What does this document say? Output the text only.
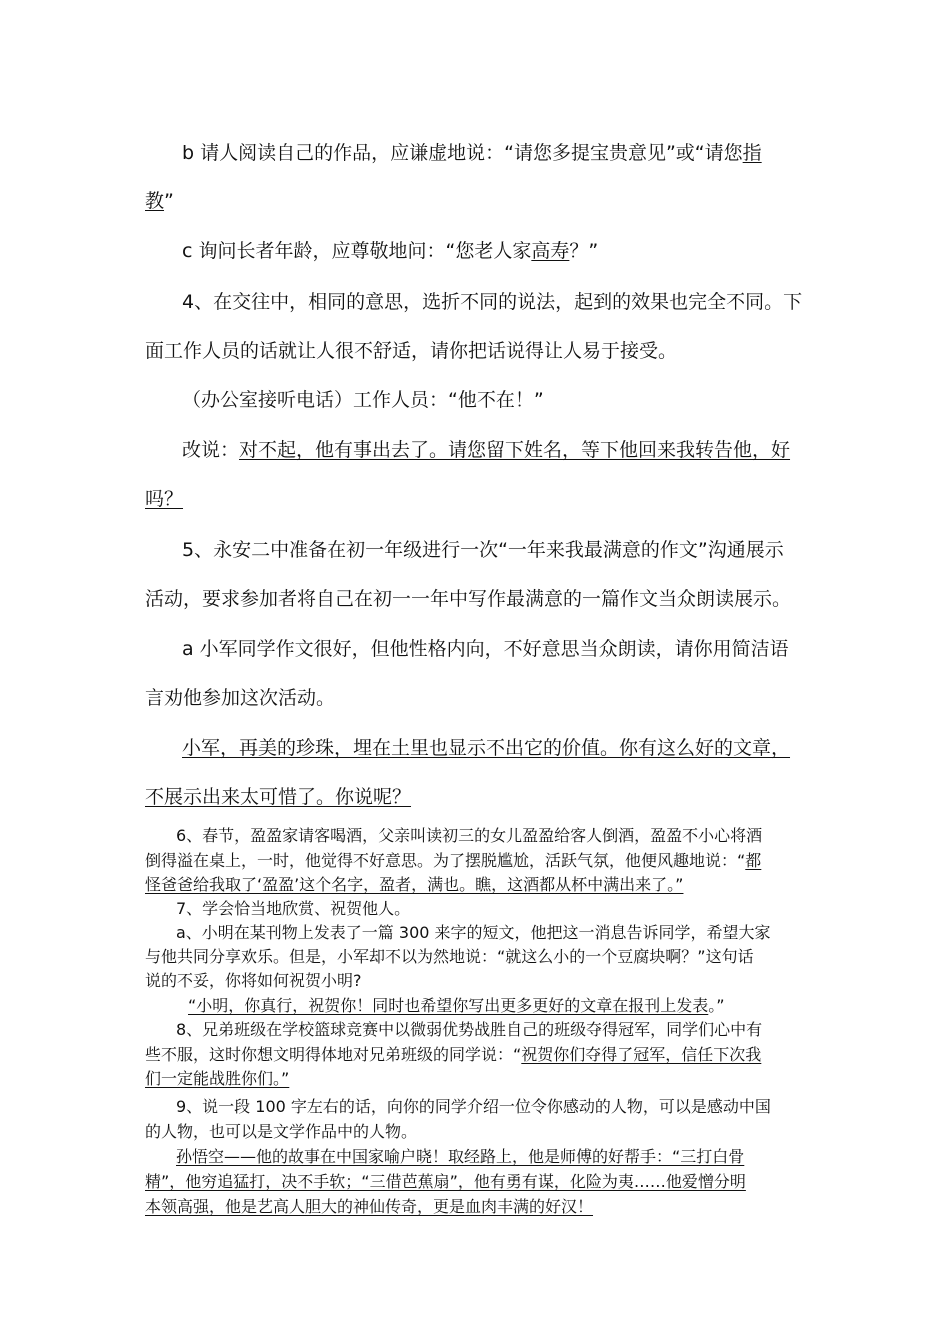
b 请人阅读自己的作品，应谦虚地说：“请您多提宝贵意见”或“请您指
教”
c 询问长者年龄，应尊敬地问：“您老人家高寿？”
4、在交往中，相同的意思，选折不同的说法，起到的效果也完全不同。下
面工作人员的话就让人很不舒适，请你把话说得让人易于接受。
（办公室接听电话）工作人员：“他不在！”
改说：对不起，他有事出去了。请您留下姓名，等下他回来我转告他，好
吗？
5、永安二中准备在初一年级进行一次“一年来我最满意的作文”沟通展示
活动，要求参加者将自己在初一一年中写作最满意的一篇作文当众朗读展示。
a 小军同学作文很好，但他性格内向，不好意思当众朗读，请你用简洁语
言劝他参加这次活动。
小军，再美的珍珠，埋在土里也显示不出它的价值。你有这么好的文章，
不展示出来太可惜了。你说呢？
6、春节，盈盈家请客喝酒，父亲叫读初三的女儿盈盈给客人倒酒，盈盈不小心将酒
倒得溢在桌上，一时，他觉得不好意思。为了摆脱尴尬，活跃气氛，他便风趣地说：“都
怪爸爸给我取了‘盈盈’这个名字，盈者，满也。瞧，这酒都从杯中满出来了。”
7、学会恰当地欣赏、祝贺他人。
a、小明在某刊物上发表了一篇 300 来字的短文，他把这一消息告诉同学，希望大家
与他共同分享欢乐。但是，小军却不以为然地说：“就这么小的一个豆腐块啊？”这句话
说的不妥，你将如何祝贺小明?
“小明，你真行，祝贺你！同时也希望你写出更多更好的文章在报刊上发表。”
8、兄弟班级在学校篮球竞赛中以微弱优势战胜自己的班级夺得冠军，同学们心中有
些不服，这时你想文明得体地对兄弟班级的同学说：“祝贺你们夺得了冠军，信任下次我
们一定能战胜你们。”
9、说一段 100 字左右的话，向你的同学介绍一位令你感动的人物，可以是感动中国
的人物，也可以是文学作品中的人物。
孙悟空——他的故事在中国家喻户晓！取经路上，他是师傅的好帮手：“三打白骨
精”，他穷追猛打，决不手软；“三借芭蕉扇”，他有勇有谋，化险为夷……他爱憎分明
本领高强，他是艺高人胆大的神仙传奇，更是血肉丰满的好汉！
